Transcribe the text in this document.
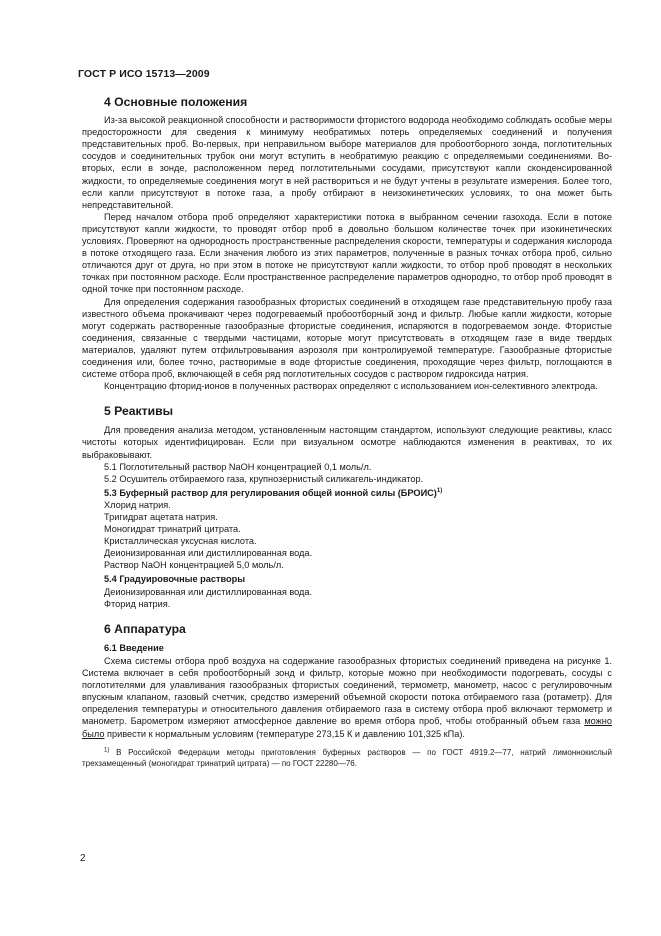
ГОСТ Р ИСО 15713—2009
4 Основные положения

Из-за высокой реакционной способности и растворимости фтористого водорода необходимо соблюдать особые меры предосторожности для сведения к минимуму необратимых потерь определяемых соединений и получения представительных проб. Во-первых, при неправильном выборе материалов для пробоотборного зонда, поглотительных сосудов и соединительных трубок они могут вступить в необратимую реакцию с определяемыми соединениями. Во-вторых, если в зонде, расположенном перед поглотительными сосудами, присутствуют капли сконденсированной жидкости, то определяемые соединения могут в ней раствориться и не будут учтены в результате измерения. Более того, если капли присутствуют в потоке газа, а пробу отбирают в неизокинетических условиях, то она может быть непредставительной.

Перед началом отбора проб определяют характеристики потока в выбранном сечении газохода. Если в потоке присутствуют капли жидкости, то проводят отбор проб в довольно большом количестве точек при изокинетических условиях. Проверяют на однородность пространственные распределения скорости, температуры и содержания кислорода в потоке отходящего газа. Если значения любого из этих параметров, полученные в разных точках отбора проб, сильно отличаются друг от друга, но при этом в потоке не присутствуют капли жидкости, то отбор проб проводят в нескольких точках при постоянном расходе. Если пространственное распределение параметров однородно, то отбор проб проводят в одной точке при постоянном расходе.

Для определения содержания газообразных фтористых соединений в отходящем газе представительную пробу газа известного объема прокачивают через подогреваемый пробоотборный зонд и фильтр. Любые капли жидкости, которые могут содержать растворенные газообразные фтористые соединения, испаряются в подогреваемом зонде. Фтористые соединения, связанные с твердыми частицами, которые могут присутствовать в отходящем газе в виде твердых материалов, удаляют путем отфильтровывания аэрозоля при контролируемой температуре. Газообразные фтористые соединения или, более точно, растворимые в воде фтористые соединения, проходящие через фильтр, поглощаются в системе отбора проб, включающей в себя ряд поглотительных сосудов с раствором гидроксида натрия.

Концентрацию фторид-ионов в полученных растворах определяют с использованием ион-селективного электрода.

5 Реактивы

Для проведения анализа методом, установленным настоящим стандартом, используют следующие реактивы, класс чистоты которых идентифицирован. Если при визуальном осмотре наблюдаются изменения в реактивах, то их выбраковывают.

5.1 Поглотительный раствор NaOH концентрацией 0,1 моль/л.

5.2 Осушитель отбираемого газа, крупнозернистый силикагель-индикатор.

5.3 Буферный раствор для регулирования общей ионной силы (БРОИС)$^{1)}$

Хлорид натрия.

Тригидрат ацетата натрия.

Моногидрат тринатрий цитрата.

Кристаллическая уксусная кислота.

Деионизированная или дистиллированная вода.

Раствор NaOH концентрацией 5,0 моль/л.

5.4 Градуировочные растворы

Деионизированная или дистиллированная вода.

Фторид натрия.

6 Аппаратура
6.1 Введение

Схема системы отбора проб воздуха на содержание газообразных фтористых соединений приведена на рисунке 1. Система включает в себя пробоотборный зонд и фильтр, которые можно при необходимости подогревать, сосуды с поглотителями для улавливания газообразных фтористых соединений, термометр, манометр, насос с регулировочным впускным клапаном, газовый счетчик, средство измерений объемной скорости потока отбираемого газа (ротаметр). Для определения температуры и относительного давления отбираемого газа в систему отбора проб включают термометр и манометр. Барометром измеряют атмосферное давление во время отбора проб, чтобы отобранный объем газа можно было привести к нормальным условиям (температуре 273,15 К и давлению 101,325 кПа).

$^{1)}$ В Российской Федерации методы приготовления буферных растворов — по ГОСТ 4919.2—77, натрий лимоннокислый трехзамещенный (моногидрат тринатрий цитрата) — по ГОСТ 22280—76.
2
